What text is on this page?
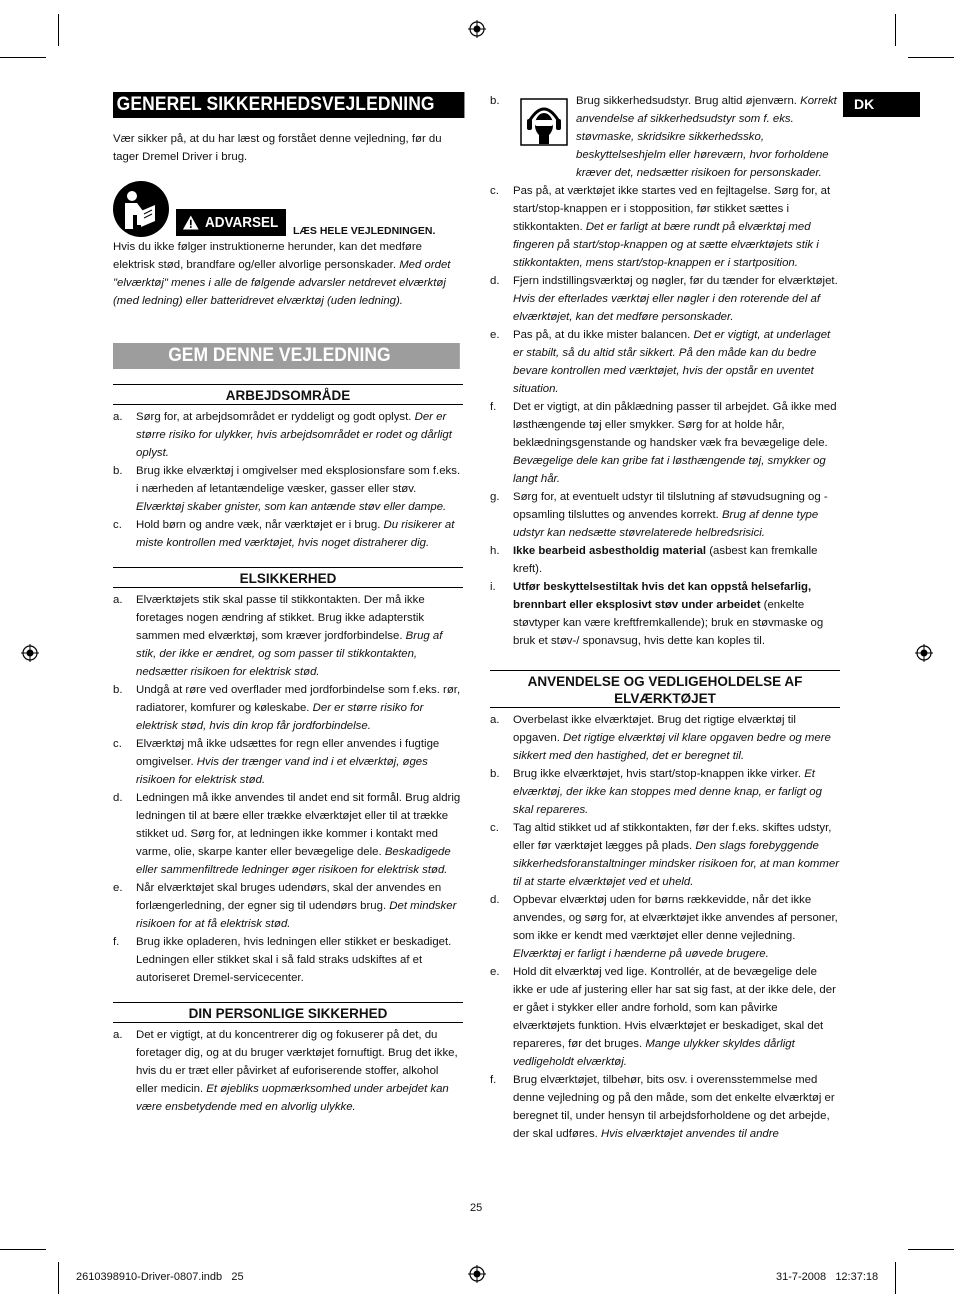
DK
GENEREL SIKKERHEDSVEJLEDNING

Vær sikker på, at du har læst og forstået denne vejledning, før du tager Dremel Driver i brug.

ADVARSEL
LÆS HELE VEJLEDNINGEN.

Hvis du ikke følger instruktionerne herunder, kan det medføre elektrisk stød, brandfare og/eller alvorlige personskader. Med ordet "elværktøj" menes i alle de følgende advarsler netdrevet elværktøj (med ledning) eller batteridrevet elværktøj (uden ledning).

GEM DENNE VEJLEDNING
ARBEJDSOMRÅDE
a. Sørg for, at arbejdsområdet er ryddeligt og godt oplyst. Der er større risiko for ulykker, hvis arbejdsområdet er rodet og dårligt oplyst.
b. Brug ikke elværktøj i omgivelser med eksplosionsfare som f.eks. i nærheden af letantændelige væsker, gasser eller støv. Elværktøj skaber gnister, som kan antænde støv eller dampe.
c. Hold børn og andre væk, når værktøjet er i brug. Du risikerer at miste kontrollen med værktøjet, hvis noget distraherer dig.
ELSIKKERHED
a. Elværktøjets stik skal passe til stikkontakten. Der må ikke foretages nogen ændring af stikket. Brug ikke adapterstik sammen med elværktøj, som kræver jordforbindelse. Brug af stik, der ikke er ændret, og som passer til stikkontakten, nedsætter risikoen for elektrisk stød.
b. Undgå at røre ved overflader med jordforbindelse som f.eks. rør, radiatorer, komfurer og køleskabe. Der er større risiko for elektrisk stød, hvis din krop får jordforbindelse.
c. Elværktøj må ikke udsættes for regn eller anvendes i fugtige omgivelser. Hvis der trænger vand ind i et elværktøj, øges risikoen for elektrisk stød.
d. Ledningen må ikke anvendes til andet end sit formål. Brug aldrig ledningen til at bære eller trække elværktøjet eller til at trække stikket ud. Sørg for, at ledningen ikke kommer i kontakt med varme, olie, skarpe kanter eller bevægelige dele. Beskadigede eller sammenfiltrede ledninger øger risikoen for elektrisk stød.
e. Når elværktøjet skal bruges udendørs, skal der anvendes en forlængerledning, der egner sig til udendørs brug. Det mindsker risikoen for at få elektrisk stød.
f. Brug ikke opladeren, hvis ledningen eller stikket er beskadiget. Ledningen eller stikket skal i så fald straks udskiftes af et autoriseret Dremel-servicecenter.
DIN PERSONLIGE SIKKERHED
a. Det er vigtigt, at du koncentrerer dig og fokuserer på det, du foretager dig, og at du bruger værktøjet fornuftigt. Brug det ikke, hvis du er træt eller påvirket af euforiserende stoffer, alkohol eller medicin. Et øjebliks uopmærksomhed under arbejdet kan være ensbetydende med en alvorlig ulykke.
b.	Brug sikkerhedsudstyr. Brug altid øjenværn. Korrekt anvendelse af sikkerhedsudstyr som f. eks. støvmaske, skridsikre sikkerhedssko, beskyttelseshjelm eller høreværn, hvor forholdene kræver det, nedsætter risikoen for personskader.
c. Pas på, at værktøjet ikke startes ved en fejltagelse. Sørg for, at start/stop-knappen er i stopposition, før stikket sættes i stikkontakten. Det er farligt at bære rundt på elværktøj med fingeren på start/stop-knappen og at sætte elværktøjets stik i stikkontakten, mens start/stop-knappen er i startposition.
d. Fjern indstillingsværktøj og nøgler, før du tænder for elværktøjet. Hvis der efterlades værktøj eller nøgler i den roterende del af elværktøjet, kan det medføre personskader.
e. Pas på, at du ikke mister balancen. Det er vigtigt, at underlaget er stabilt, så du altid står sikkert. På den måde kan du bedre bevare kontrollen med værktøjet, hvis der opstår en uventet situation.
f. Det er vigtigt, at din påklædning passer til arbejdet. Gå ikke med løsthængende tøj eller smykker. Sørg for at holde hår, beklædningsgenstande og handsker væk fra bevægelige dele. Bevægelige dele kan gribe fat i løsthængende tøj, smykker og langt hår.
g. Sørg for, at eventuelt udstyr til tilslutning af støvudsugning og -opsamling tilsluttes og anvendes korrekt. Brug af denne type udstyr kan nedsætte støvrelaterede helbredsrisici.
h. Ikke bearbeid asbestholdig material (asbest kan fremkalle kreft).
i. Utfør beskyttelsestiltak hvis det kan oppstå helsefarlig, brennbart eller eksplosivt støv under arbeidet (enkelte støvtyper kan være kreftfremkallende); bruk en støvmaske og bruk et støv-/ sponavsug, hvis dette kan koples til.
ANVENDELSE OG VEDLIGEHOLDELSE AF ELVÆRKTØJET
a. Overbelast ikke elværktøjet. Brug det rigtige elværktøj til opgaven. Det rigtige elværktøj vil klare opgaven bedre og mere sikkert med den hastighed, det er beregnet til.
b. Brug ikke elværktøjet, hvis start/stop-knappen ikke virker. Et elværktøj, der ikke kan stoppes med denne knap, er farligt og skal repareres.
c. Tag altid stikket ud af stikkontakten, før der f.eks. skiftes udstyr, eller før værktøjet lægges på plads. Den slags forebyggende sikkerhedsforanstaltninger mindsker risikoen for, at man kommer til at starte elværktøjet ved et uheld.
d. Opbevar elværktøj uden for børns rækkevidde, når det ikke anvendes, og sørg for, at elværktøjet ikke anvendes af personer, som ikke er kendt med værktøjet eller denne vejledning. Elværktøj er farligt i hænderne på uøvede brugere.
e. Hold dit elværktøj ved lige. Kontrollér, at de bevægelige dele ikke er ude af justering eller har sat sig fast, at der ikke dele, der er gået i stykker eller andre forhold, som kan påvirke elværktøjets funktion. Hvis elværktøjet er beskadiget, skal det repareres, før det bruges. Mange ulykker skyldes dårligt vedligeholdt elværktøj.
f. Brug elværktøjet, tilbehør, bits osv. i overensstemmelse med denne vejledning og på den måde, som det enkelte elværktøj er beregnet til, under hensyn til arbejdsforholdene og det arbejde, der skal udføres. Hvis elværktøjet anvendes til andre
25
2610398910-Driver-0807.indb   25	31-7-2008   12:37:18
